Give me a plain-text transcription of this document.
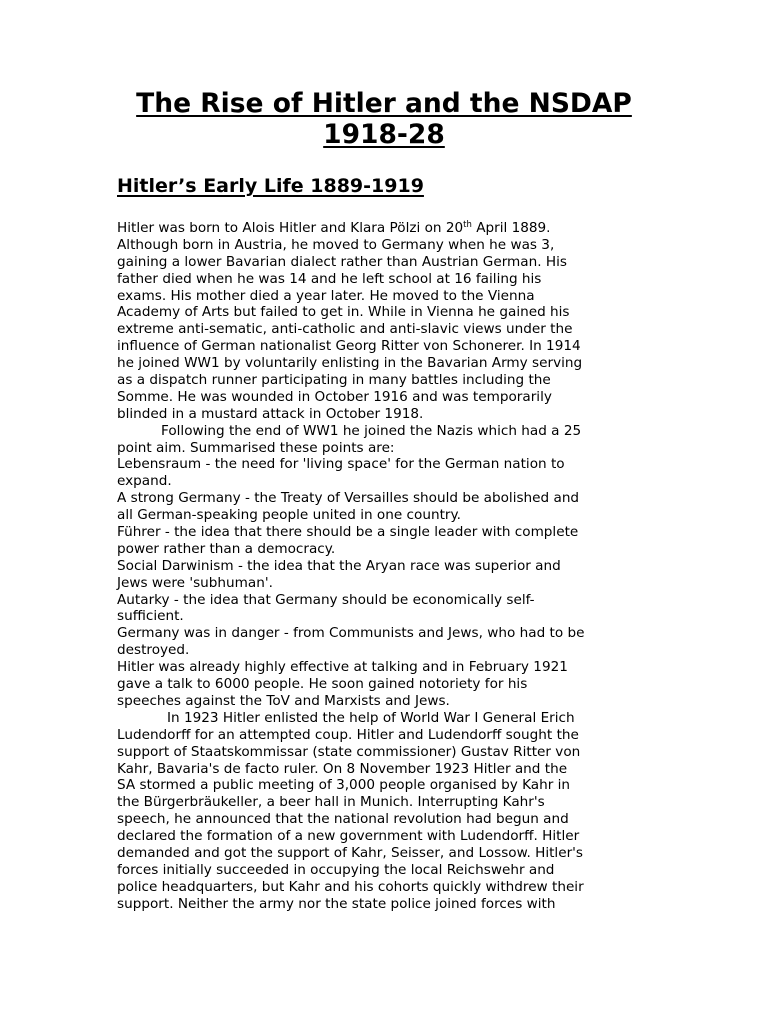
The Rise of Hitler and the NSDAP
1918-28
Hitler’s Early Life 1889-1919
Hitler was born to Alois Hitler and Klara Pölzi on 20th April 1889.
Although born in Austria, he moved to Germany when he was 3,
gaining a lower Bavarian dialect rather than Austrian German. His
father died when he was 14 and he left school at 16 failing his
exams. His mother died a year later. He moved to the Vienna
Academy of Arts but failed to get in. While in Vienna he gained his
extreme anti-sematic, anti-catholic and anti-slavic views under the
influence of German nationalist Georg Ritter von Schonerer. In 1914
he joined WW1 by voluntarily enlisting in the Bavarian Army serving
as a dispatch runner participating in many battles including the
Somme. He was wounded in October 1916 and was temporarily
blinded in a mustard attack in October 1918.
Following the end of WW1 he joined the Nazis which had a 25
point aim. Summarised these points are:
Lebensraum - the need for 'living space' for the German nation to
expand.
A strong Germany - the Treaty of Versailles should be abolished and
all German-speaking people united in one country.
Führer - the idea that there should be a single leader with complete
power rather than a democracy.
Social Darwinism - the idea that the Aryan race was superior and
Jews were 'subhuman'.
Autarky - the idea that Germany should be economically self-
sufficient.
Germany was in danger - from Communists and Jews, who had to be
destroyed.
Hitler was already highly effective at talking and in February 1921
gave a talk to 6000 people. He soon gained notoriety for his
speeches against the ToV and Marxists and Jews.
In 1923 Hitler enlisted the help of World War I General Erich
Ludendorff for an attempted coup. Hitler and Ludendorff sought the
support of Staatskommissar (state commissioner) Gustav Ritter von
Kahr, Bavaria's de facto ruler. On 8 November 1923 Hitler and the
SA stormed a public meeting of 3,000 people organised by Kahr in
the Bürgerbräukeller, a beer hall in Munich. Interrupting Kahr's
speech, he announced that the national revolution had begun and
declared the formation of a new government with Ludendorff. Hitler
demanded and got the support of Kahr, Seisser, and Lossow. Hitler's
forces initially succeeded in occupying the local Reichswehr and
police headquarters, but Kahr and his cohorts quickly withdrew their
support. Neither the army nor the state police joined forces with
